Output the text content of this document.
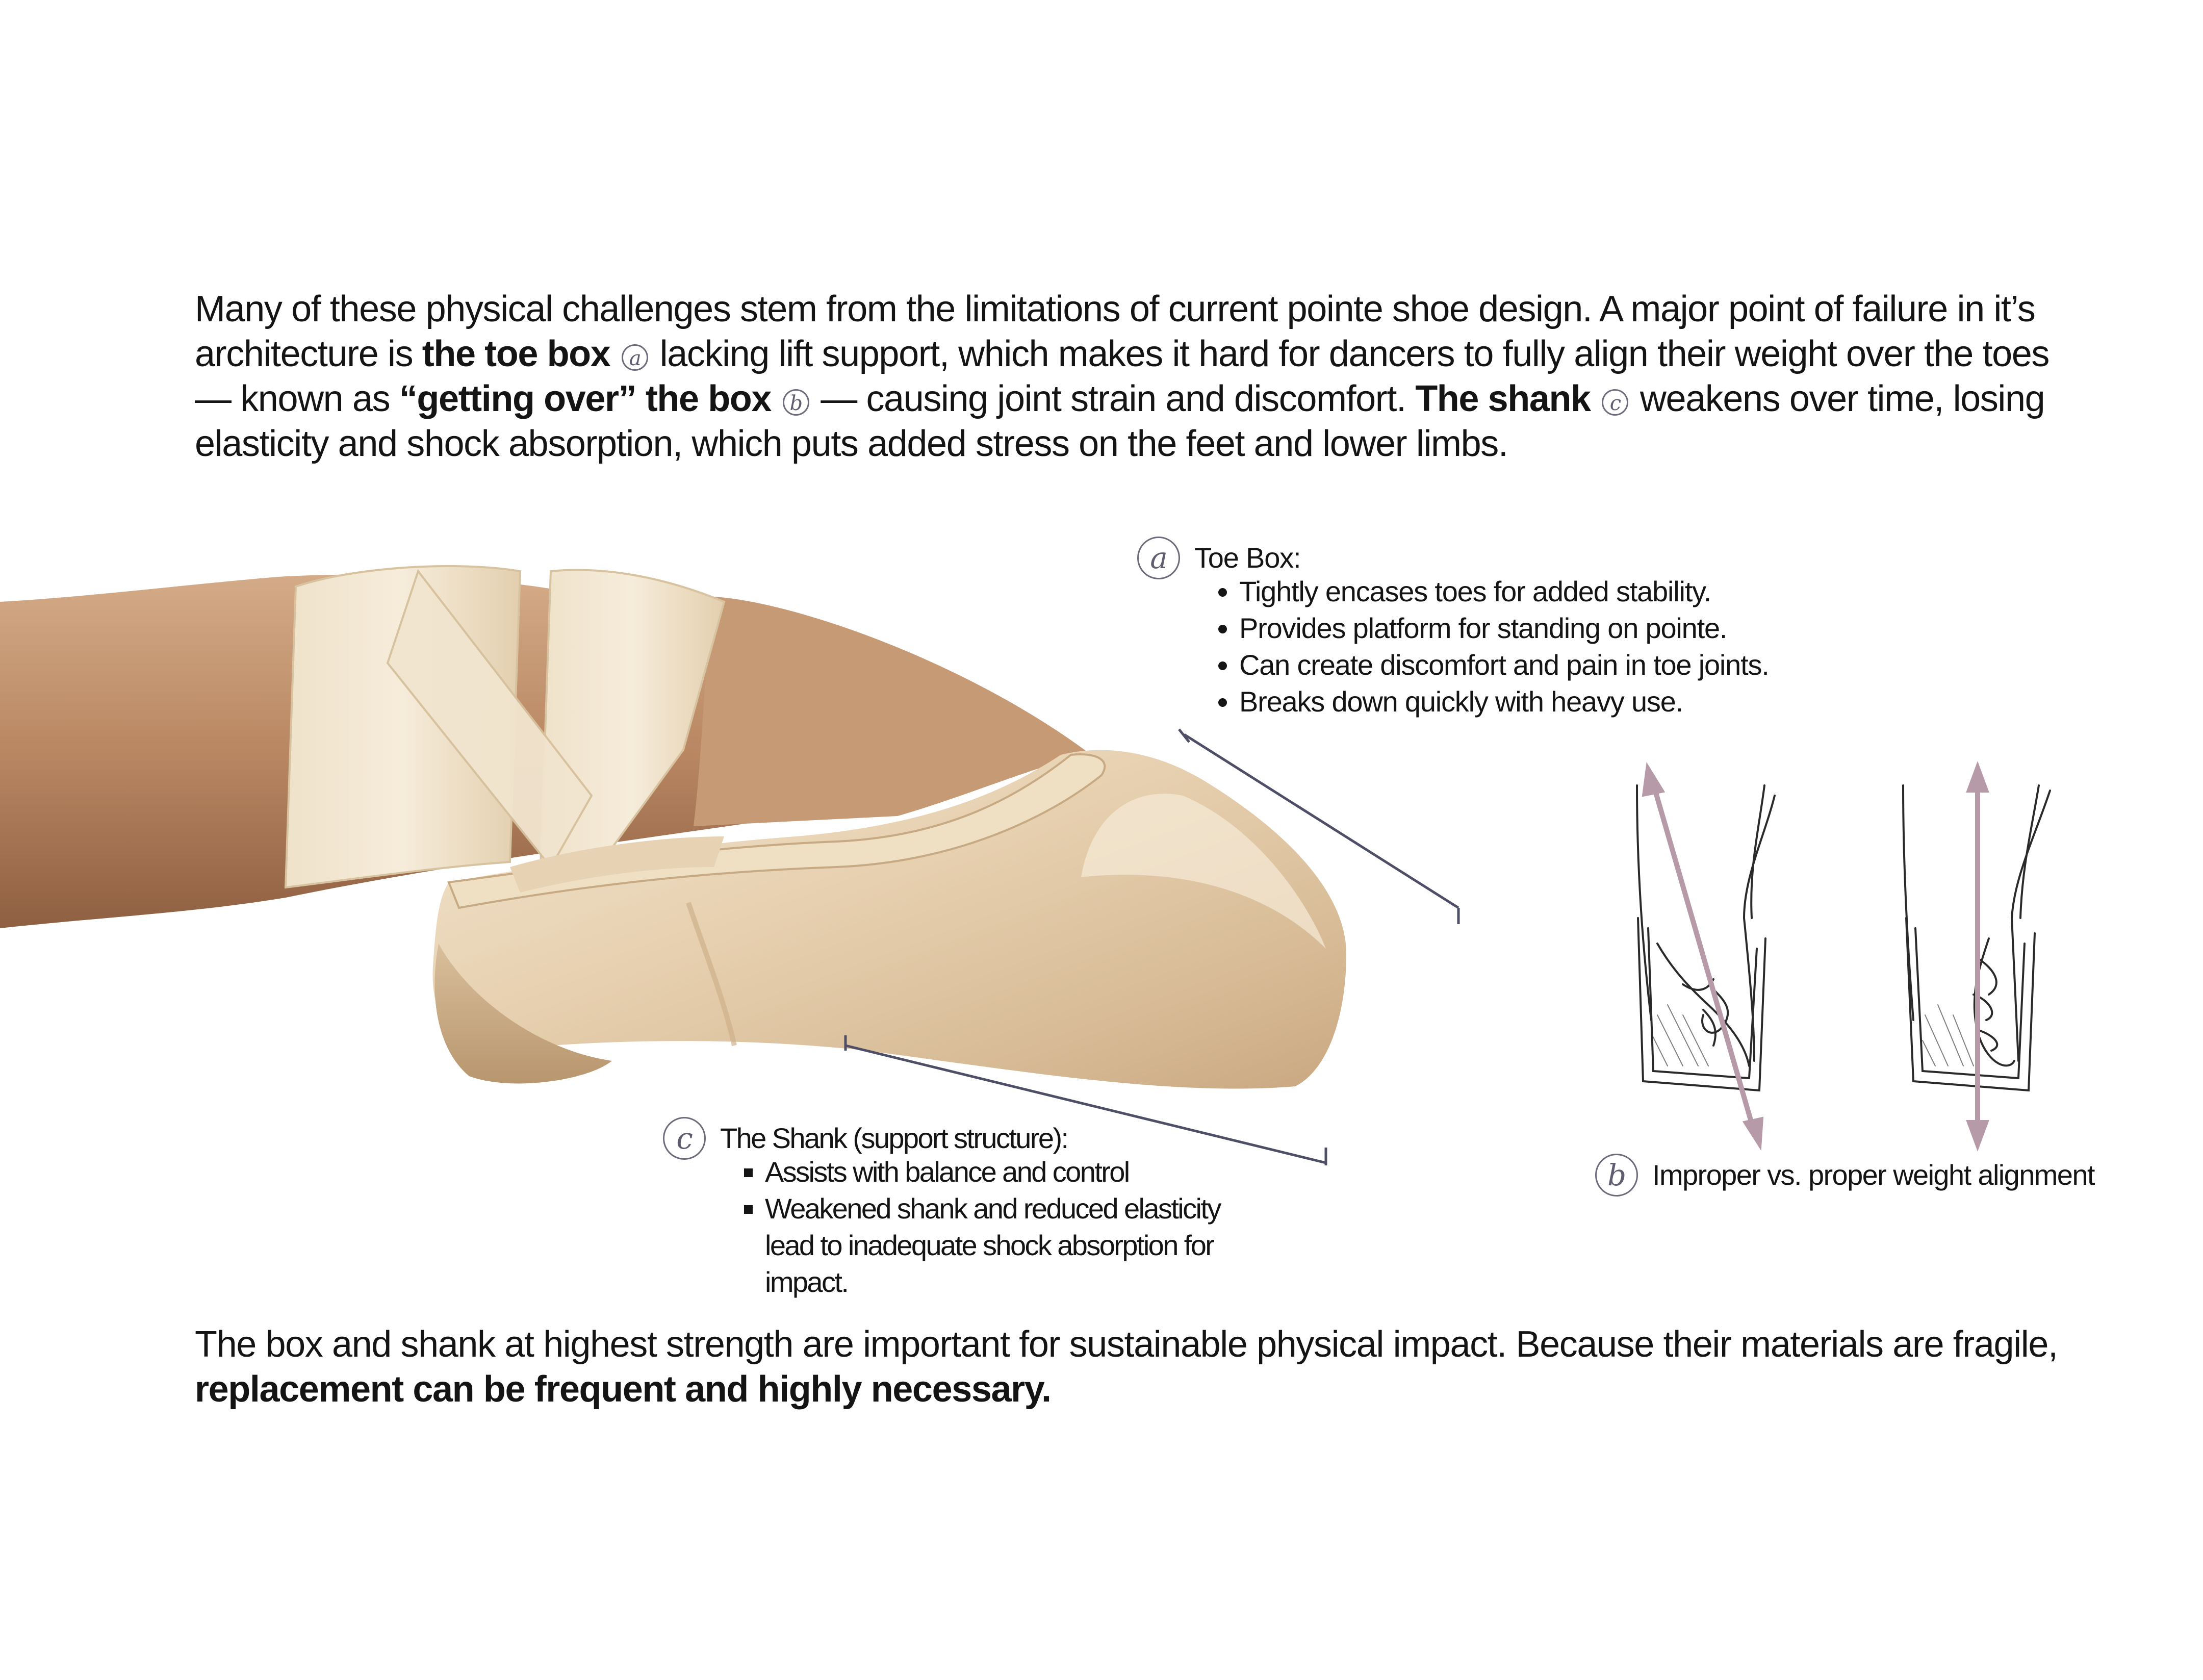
Many of these physical challenges stem from the limitations of current pointe shoe design. A major point of failure in it’s architecture is the toe box a lacking lift support, which makes it hard for dancers to fully align their weight over the toes — known as “getting over” the box b — causing joint strain and discomfort. The shank c weakens over time, losing elasticity and shock absorption, which puts added stress on the feet and lower limbs.

a Toe Box:
• Tightly encases toes for added stability.
• Provides platform for standing on pointe.
• Can create discomfort and pain in toe joints.
• Breaks down quickly with heavy use.
c The Shank (support structure):
▪ Assists with balance and control
▪ Weakened shank and reduced elasticity lead to inadequate shock absorption for impact.
b Improper vs. proper weight alignment

The box and shank at highest strength are important for sustainable physical impact. Because their materials are fragile, replacement can be frequent and highly necessary.
